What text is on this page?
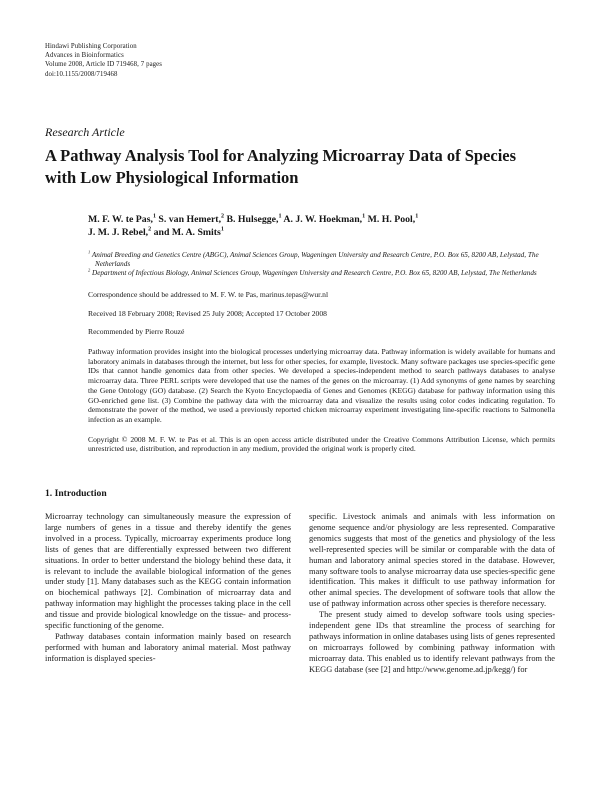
Hindawi Publishing Corporation
Advances in Bioinformatics
Volume 2008, Article ID 719468, 7 pages
doi:10.1155/2008/719468
Research Article
A Pathway Analysis Tool for Analyzing Microarray Data of Species with Low Physiological Information
M. F. W. te Pas,$^1$ S. van Hemert,$^2$ B. Hulsegge,$^1$ A. J. W. Hoekman,$^1$ M. H. Pool,$^1$
J. M. J. Rebel,$^2$ and M. A. Smits$^1$
$^1$ Animal Breeding and Genetics Centre (ABGC), Animal Sciences Group, Wageningen University and Research Centre, P.O. Box 65, 8200 AB, Lelystad, The Netherlands
$^2$ Department of Infectious Biology, Animal Sciences Group, Wageningen University and Research Centre, P.O. Box 65, 8200 AB, Lelystad, The Netherlands
Correspondence should be addressed to M. F. W. te Pas, marinus.tepas@wur.nl
Received 18 February 2008; Revised 25 July 2008; Accepted 17 October 2008
Recommended by Pierre Rouzé

Pathway information provides insight into the biological processes underlying microarray data. Pathway information is widely available for humans and laboratory animals in databases through the internet, but less for other species, for example, livestock. Many software packages use species-specific gene IDs that cannot handle genomics data from other species. We developed a species-independent method to search pathways databases to analyse microarray data. Three PERL scripts were developed that use the names of the genes on the microarray. (1) Add synonyms of gene names by searching the Gene Ontology (GO) database. (2) Search the Kyoto Encyclopaedia of Genes and Genomes (KEGG) database for pathway information using this GO-enriched gene list. (3) Combine the pathway data with the microarray data and visualize the results using color codes indicating regulation. To demonstrate the power of the method, we used a previously reported chicken microarray experiment investigating line-specific reactions to Salmonella infection as an example.

Copyright © 2008 M. F. W. te Pas et al. This is an open access article distributed under the Creative Commons Attribution License, which permits unrestricted use, distribution, and reproduction in any medium, provided the original work is properly cited.

1. Introduction

Microarray technology can simultaneously measure the expression of large numbers of genes in a tissue and thereby identify the genes involved in a process. Typically, microarray experiments produce long lists of genes that are differentially expressed between two different situations. In order to better understand the biology behind these data, it is relevant to include the available biological information of the genes under study [1]. Many databases such as the KEGG contain information on biochemical pathways [2]. Combination of microarray data and pathway information may highlight the processes taking place in the cell and tissue and provide biological knowledge on the tissue- and process-specific functioning of the genome.

Pathway databases contain information mainly based on research performed with human and laboratory animal material. Most pathway information is displayed species-

specific. Livestock animals and animals with less information on genome sequence and/or physiology are less represented. Comparative genomics suggests that most of the genetics and physiology of the less well-represented species will be similar or comparable with the data of human and laboratory animal species stored in the database. However, many software tools to analyse microarray data use species-specific gene identification. This makes it difficult to use pathway information for other animal species. The development of software tools that allow the use of pathway information across other species is therefore necessary.

The present study aimed to develop software tools using species-independent gene IDs that streamline the process of searching for pathways information in online databases using lists of genes represented on microarrays followed by combining pathway information with microarray data. This enabled us to identify relevant pathways from the KEGG database (see [2] and http://www.genome.ad.jp/kegg/) for
